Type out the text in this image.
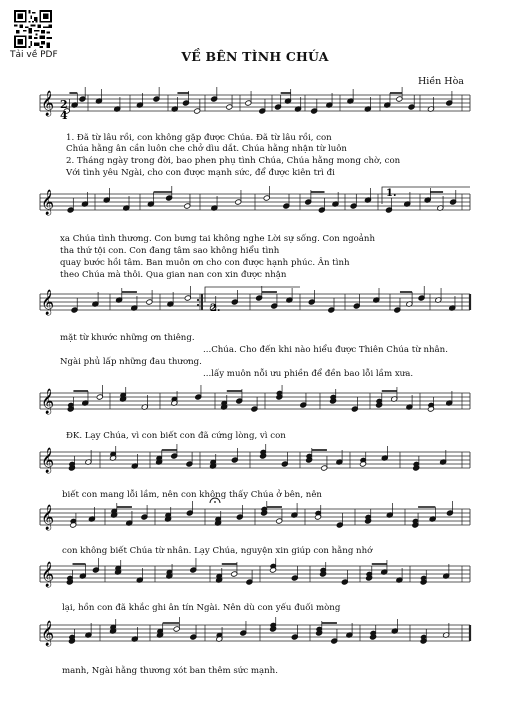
Tải về PDF	VỀ BÊN TÌNH CHÚA
Hiền Hòa
𝄞
𝄞
𝄞
𝄞
𝄞
𝄞
𝄞
𝄞
2
4
1.
2.
1. Đã từ lâu rồi, con không gặp được Chúa. Đã từ lâu rồi, con
Chúa hằng ân cần luôn che chở dìu dắt. Chúa hằng nhận từ luôn
2. Tháng ngày trong đời, bao phen phụ tình Chúa, Chúa hằng mong chờ, con
Với tình yêu Ngài, cho con được mạnh sức, để được kiên trì đi
xa Chúa tình thương. Con bưng tai không nghe Lời sự sống. Con ngoảnh
tha thứ tội con. Con đang tâm sao không hiểu tình
quay bước hồi tâm. Ban muôn ơn cho con được hạnh phúc. Ân tình
theo Chúa mà thôi. Qua gian nan con xin được nhận
mặt từ khước những ơn thiêng.
...Chúa. Cho đến khi nào hiểu được Thiên Chúa từ nhân.
Ngài phủ lấp những đau thương.
...lấy muôn nỗi ưu phiền để đền bao lỗi lầm xưa.
ĐK. Lạy Chúa, vì con biết con đã cứng lòng, vì con
biết con mang lỗi lầm, nên con không thấy Chúa ở bên, nên
con không biết Chúa từ nhân. Lạy Chúa, nguyện xin giúp con hằng nhớ
lại, hồn con đã khắc ghi ân tín Ngài. Nên dù con yếu đuối mòng
manh, Ngài hằng thương xót ban thêm sức mạnh.
